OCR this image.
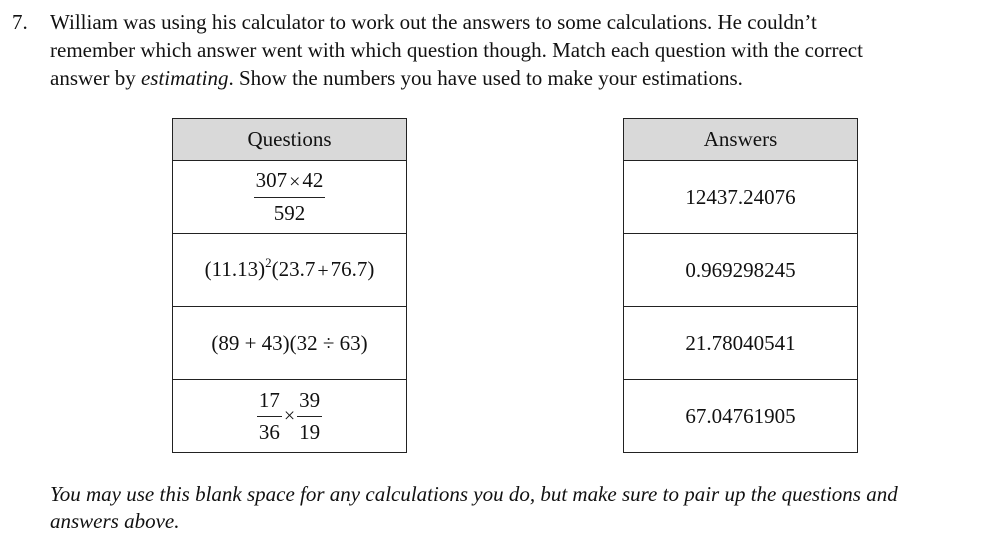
7. William was using his calculator to work out the answers to some calculations. He couldn’t
remember which answer went with which question though. Match each question with the correct
answer by estimating. Show the numbers you have used to make your estimations.
Questions

$\frac{307 \times 42}{592}$

$(11.13)^2(23.7 +76.7)$
(89 + 43)(32 ÷ 63)

$\frac{17}{36} \times \frac{39}{19}$
Answers
12437.24076
0.969298245
21.78040541
67.04761905
You may use this blank space for any calculations you do, but make sure to pair up the questions and
answers above.
